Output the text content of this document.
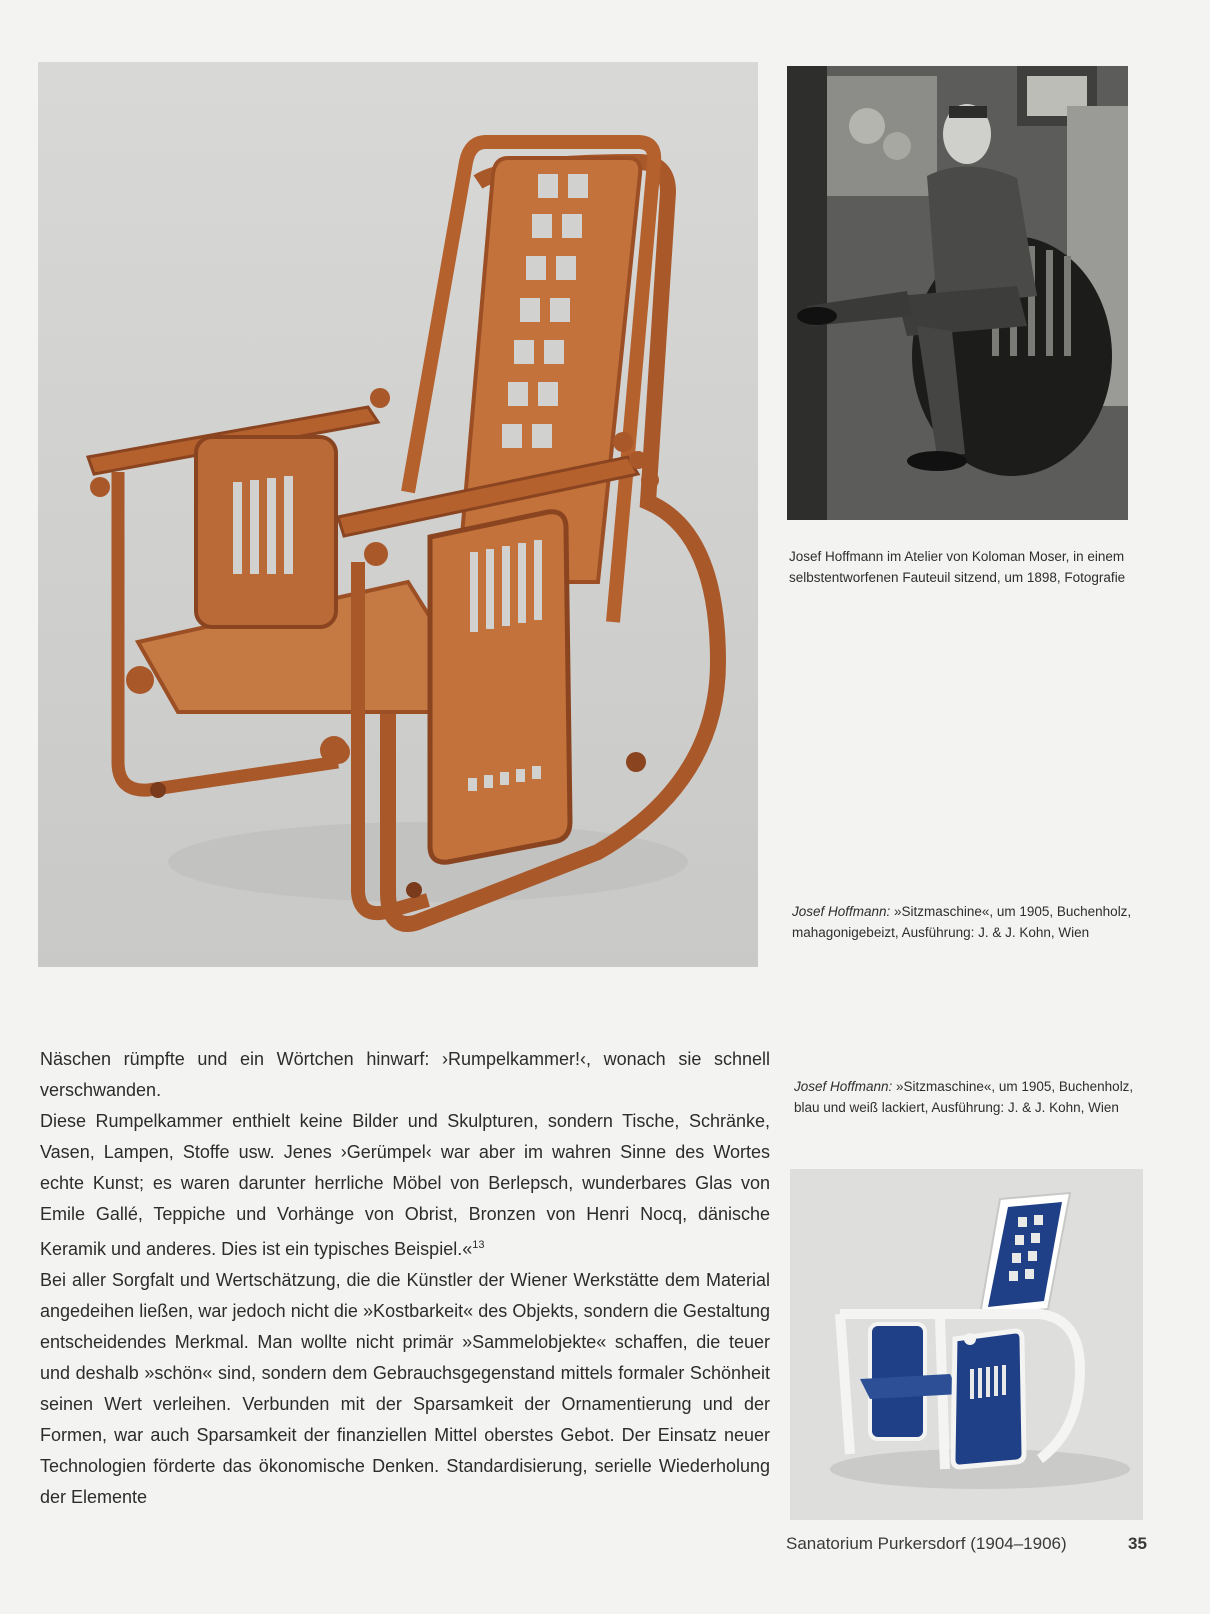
Josef Hoffmann im Atelier von Koloman Moser, in einem selbstentworfenen Fauteuil sitzend, um 1898, Fotografie
Josef Hoffmann: »Sitzmaschine«, um 1905, Buchenholz, mahagonigebeizt, Ausführung: J. & J. Kohn, Wien
Josef Hoffmann: »Sitzmaschine«, um 1905, Buchenholz, blau und weiß lackiert, Ausführung: J. & J. Kohn, Wien

Näschen rümpfte und ein Wörtchen hinwarf: ›Rumpelkammer!‹, wonach sie schnell verschwanden.

Diese Rumpelkammer enthielt keine Bilder und Skulpturen, sondern Tische, Schränke, Vasen, Lampen, Stoffe usw. Jenes ›Gerümpel‹ war aber im wahren Sinne des Wortes echte Kunst; es waren darunter herrliche Möbel von Berlepsch, wunderbares Glas von Emile Gallé, Teppiche und Vorhänge von Obrist, Bronzen von Henri Nocq, dänische Keramik und anderes. Dies ist ein typisches Beispiel.«$^{13}$

Bei aller Sorgfalt und Wertschätzung, die die Künstler der Wiener Werkstätte dem Material angedeihen ließen, war jedoch nicht die »Kostbarkeit« des Objekts, sondern die Gestaltung entscheidendes Merkmal. Man wollte nicht primär »Sammelobjekte« schaffen, die teuer und deshalb »schön« sind, sondern dem Gebrauchsgegenstand mittels formaler Schönheit seinen Wert verleihen. Verbunden mit der Sparsamkeit der Ornamentierung und der Formen, war auch Sparsamkeit der finanziellen Mittel oberstes Gebot. Der Einsatz neuer Technologien förderte das ökonomische Denken. Standardisierung, serielle Wiederholung der Elemente

Sanatorium Purkersdorf (1904–1906)	35
